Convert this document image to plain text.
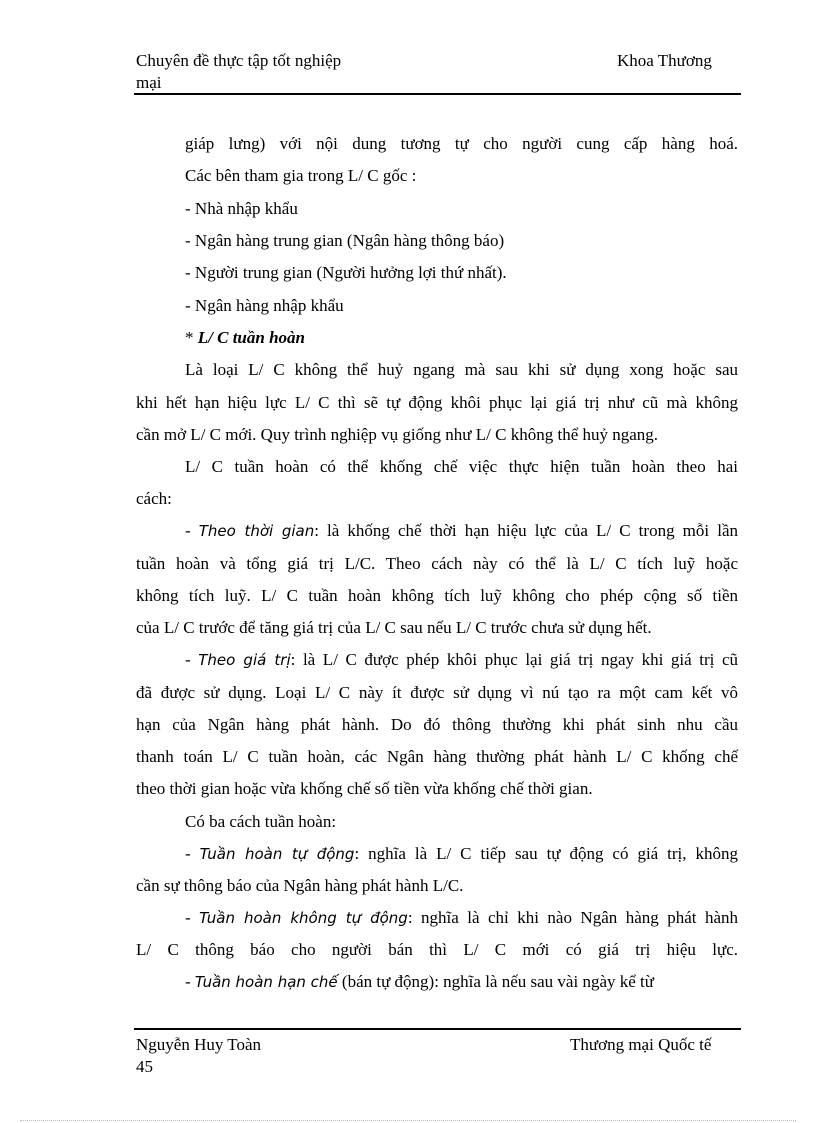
Chuyên đề thực tập tốt nghiệp
mại
Khoa Thương
giáp lưng) với nội dung tương tự cho người cung cấp hàng hoá.
Các bên tham gia trong L/ C gốc :
- Nhà nhập khẩu
- Ngân hàng trung gian (Ngân hàng thông báo)
- Người trung gian (Người hưởng lợi thứ nhất).
- Ngân hàng nhập khẩu
* L/ C tuần hoàn
Là loại L/ C không thể huỷ ngang mà sau khi sử dụng xong hoặc sau
khi hết hạn hiệu lực L/ C thì sẽ tự động khôi phục lại giá trị như cũ mà không
cần mở L/ C mới. Quy trình nghiệp vụ giống như L/ C không thể huỷ ngang.
L/ C tuần hoàn có thể khống chế việc thực hiện tuần hoàn theo hai
cách:
- Theo thời gian: là khống chế thời hạn hiệu lực của L/ C trong mỗi lần
tuần hoàn và tổng giá trị L/C. Theo cách này có thể là L/ C tích luỹ hoặc
không tích luỹ. L/ C tuần hoàn không tích luỹ không cho phép cộng số tiền
của L/ C trước để tăng giá trị của L/ C sau nếu L/ C trước chưa sử dụng hết.
- Theo giá trị: là L/ C được phép khôi phục lại giá trị ngay khi giá trị cũ
đã được sử dụng. Loại L/ C này ít được sử dụng vì nú tạo ra một cam kết vô
hạn của Ngân hàng phát hành. Do đó thông thường khi phát sinh nhu cầu
thanh toán L/ C tuần hoàn, các Ngân hàng thường phát hành L/ C khống chế
theo thời gian hoặc vừa khống chế số tiền vừa khống chế thời gian.
Có ba cách tuần hoàn:
- Tuần hoàn tự động: nghĩa là L/ C tiếp sau tự động có giá trị, không
cần sự thông báo của Ngân hàng phát hành L/C.
- Tuần hoàn không tự động: nghĩa là chỉ khi nào Ngân hàng phát hành
L/ C thông báo cho người bán thì L/ C mới có giá trị hiệu lực.
- Tuần hoàn hạn chế (bán tự động): nghĩa là nếu sau vài ngày kể từ
Nguyễn Huy Toàn
45
Thương mại Quốc tế
